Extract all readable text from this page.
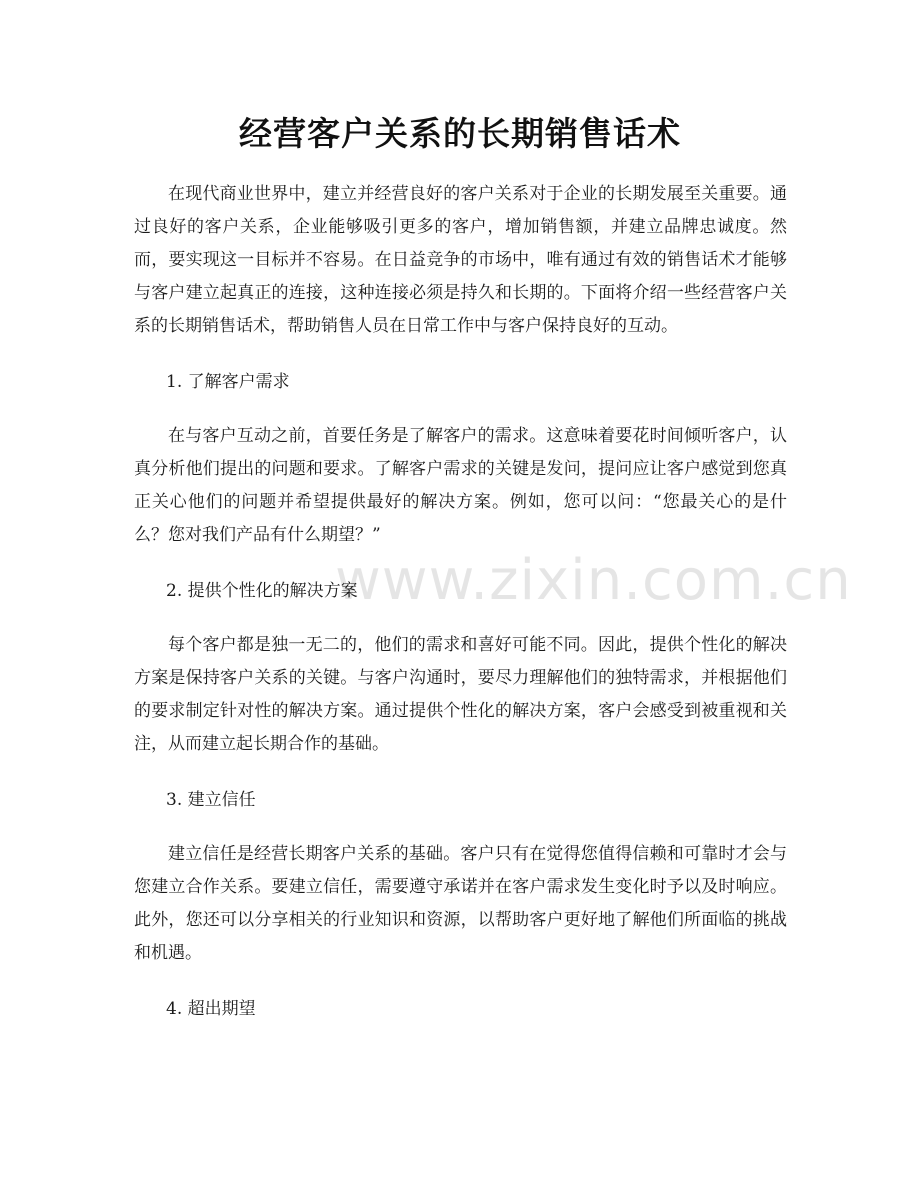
经营客户关系的长期销售话术

在现代商业世界中，建立并经营良好的客户关系对于企业的长期发展至关重要。通过良好的客户关系，企业能够吸引更多的客户，增加销售额，并建立品牌忠诚度。然而，要实现这一目标并不容易。在日益竞争的市场中，唯有通过有效的销售话术才能够与客户建立起真正的连接，这种连接必须是持久和长期的。下面将介绍一些经营客户关系的长期销售话术，帮助销售人员在日常工作中与客户保持良好的互动。

1. 了解客户需求

在与客户互动之前，首要任务是了解客户的需求。这意味着要花时间倾听客户，认真分析他们提出的问题和要求。了解客户需求的关键是发问，提问应让客户感觉到您真正关心他们的问题并希望提供最好的解决方案。例如，您可以问：“您最关心的是什么？您对我们产品有什么期望？”

2. 提供个性化的解决方案

每个客户都是独一无二的，他们的需求和喜好可能不同。因此，提供个性化的解决方案是保持客户关系的关键。与客户沟通时，要尽力理解他们的独特需求，并根据他们的要求制定针对性的解决方案。通过提供个性化的解决方案，客户会感受到被重视和关注，从而建立起长期合作的基础。

3. 建立信任

建立信任是经营长期客户关系的基础。客户只有在觉得您值得信赖和可靠时才会与您建立合作关系。要建立信任，需要遵守承诺并在客户需求发生变化时予以及时响应。此外，您还可以分享相关的行业知识和资源，以帮助客户更好地了解他们所面临的挑战和机遇。

4. 超出期望

www.zixin.com.cn
